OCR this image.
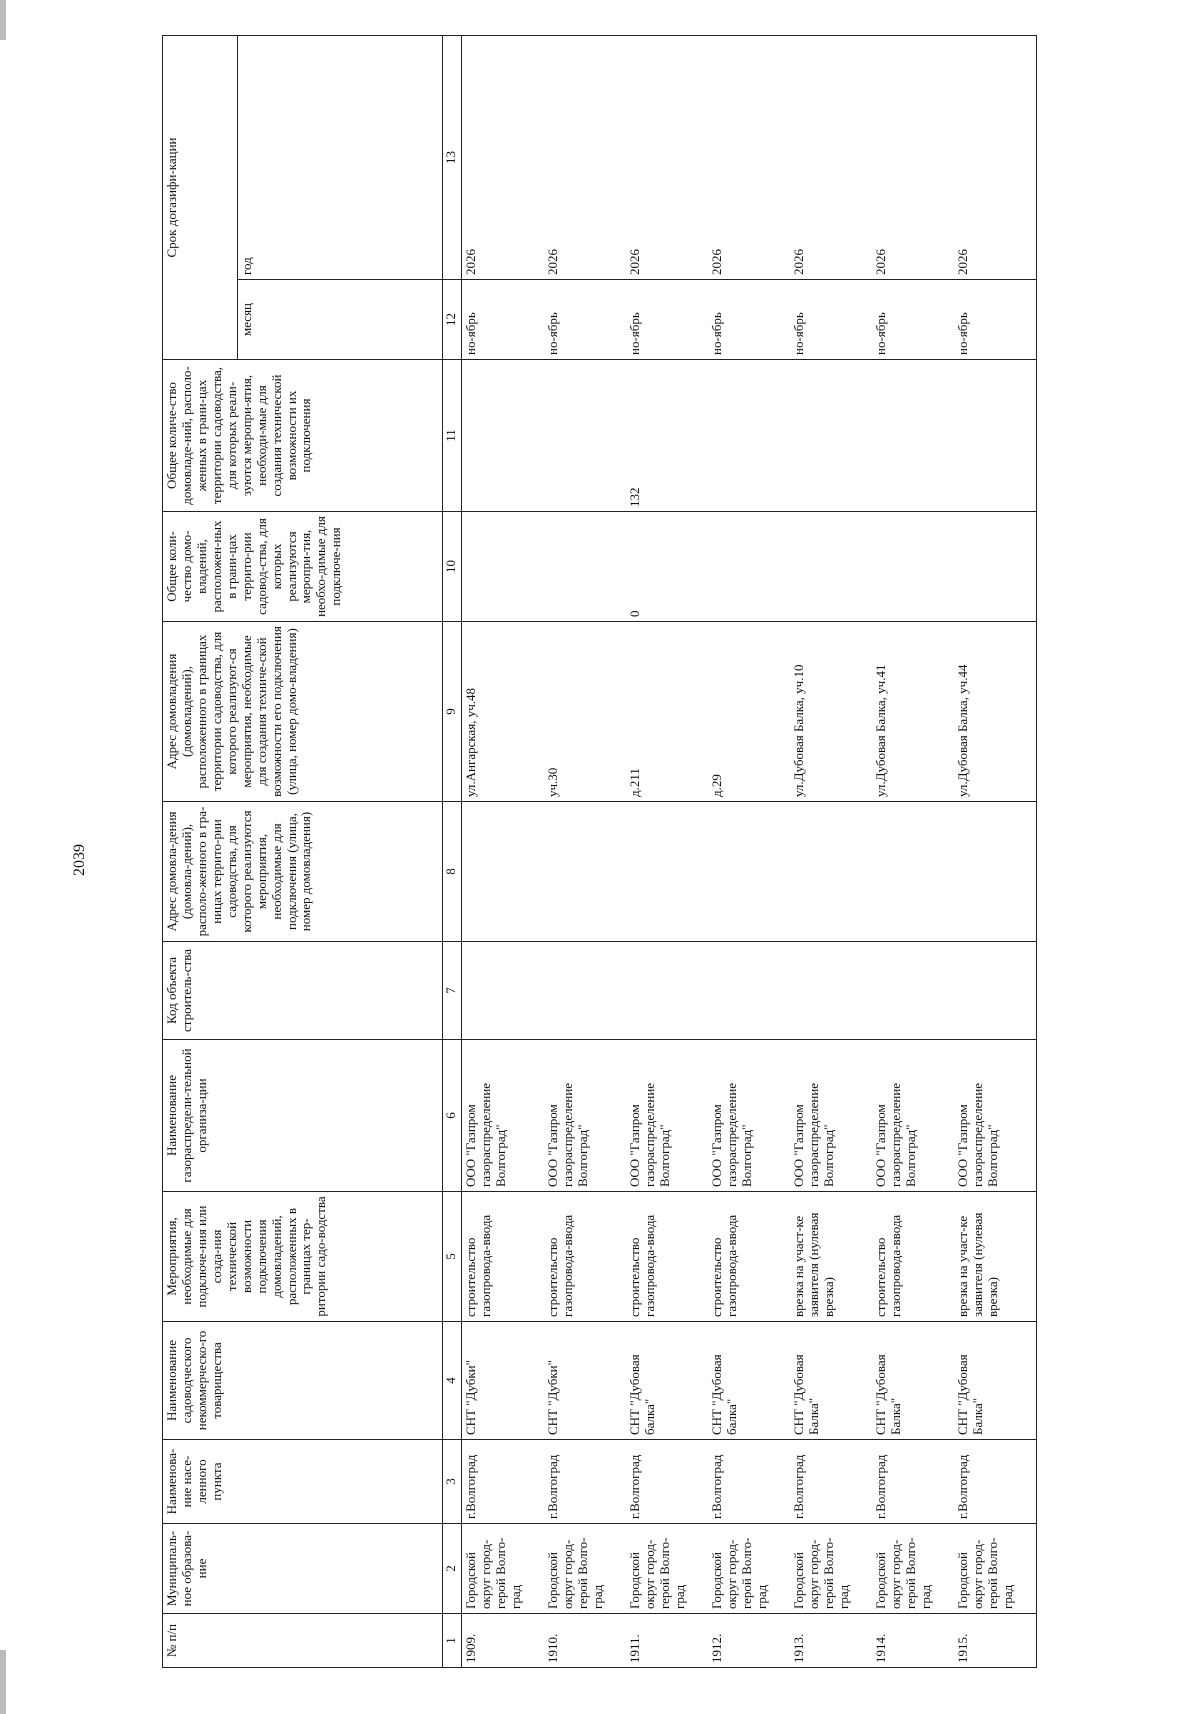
2039
№ п/п	Муниципаль-ное образова-ние	Наименова-ние насе-ленного пункта	Наименование садоводческого некоммерческо-го товарищества	Мероприятия, необходимые для подключе-ния или созда-ния технической возможности подключения домовладений, расположенных в границах тер-ритории садо-водства	Наименование газораспредели-тельной организа-ции	Код объекта строитель-ства	Адрес домовла-дения (домовла-дений), располо-женного в гра-ницах террито-рии садоводства, для которого реализуются мероприятия, необходимые для подключения (улица, номер домовладения)	Адрес домовладения (домовладений), расположенного в границах территории садоводства, для которого реализуют-ся мероприятия, необходимые для создания техниче-ской возможности его подключения (улица, номер домо-владения)	Общее коли-чество домо-владений, расположен-ных в грани-цах террито-рии садовод-ства, для которых реализуются меропри-тия, необхо-димые для подключе-ния	Общее количе-ство домовладе-ний, располо-женных в грани-цах территории садоводства, для которых реали-зуются меропри-ятия, необходи-мые для создания технической возможности их подключения	Срок догазифи-кации	
											месяц	год
1	2	3	4	5	6	7	8	9	10	11	12	13
1909.	Городской округ город-герой Волго-град	г.Волгоград	СНТ "Дубки"	строительство газопровода-ввода	ООО "Газпром газораспределение Волгоград"			ул.Ангарская, уч.48			но-ябрь	2026
1910.	Городской округ город-герой Волго-град	г.Волгоград	СНТ "Дубки"	строительство газопровода-ввода	ООО "Газпром газораспределение Волгоград"			уч.30			но-ябрь	2026
1911.	Городской округ город-герой Волго-град	г.Волгоград	СНТ "Дубовая балка"	строительство газопровода-ввода	ООО "Газпром газораспределение Волгоград"			д.211	0	132	но-ябрь	2026
1912.	Городской округ город-герой Волго-град	г.Волгоград	СНТ "Дубовая балка"	строительство газопровода-ввода	ООО "Газпром газораспределение Волгоград"			д.29			но-ябрь	2026
1913.	Городской округ город-герой Волго-град	г.Волгоград	СНТ "Дубовая Балка"	врезка на участ-ке заявителя (нулевая врезка)	ООО "Газпром газораспределение Волгоград"			ул.Дубовая Балка, уч.10			но-ябрь	2026
1914.	Городской округ город-герой Волго-град	г.Волгоград	СНТ "Дубовая Балка"	строительство газопровода-ввода	ООО "Газпром газораспределение Волгоград"			ул.Дубовая Балка, уч.41			но-ябрь	2026
1915.	Городской округ город-герой Волго-град	г.Волгоград	СНТ "Дубовая Балка"	врезка на участ-ке заявителя (нулевая врезка)	ООО "Газпром газораспределение Волгоград"			ул.Дубовая Балка, уч.44			но-ябрь	2026
